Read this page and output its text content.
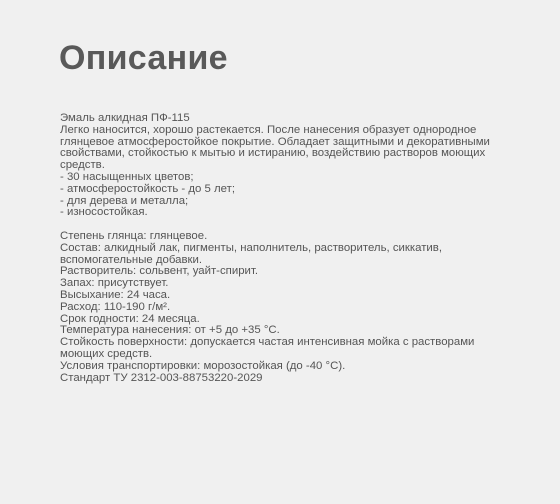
Описание
Эмаль алкидная ПФ-115
Легко наносится, хорошо растекается. После нанесения образует однородное
глянцевое атмосферостойкое покрытие. Обладает защитными и декоративными
свойствами, стойкостью к мытью и истиранию, воздействию растворов моющих
средств.
- 30 насыщенных цветов;
- атмосферостойкость - до 5 лет;
- для дерева и металла;
- износостойкая.
Степень глянца: глянцевое.
Состав: алкидный лак, пигменты, наполнитель, растворитель, сиккатив,
вспомогательные добавки.
Растворитель: сольвент, уайт-спирит.
Запах: присутствует.
Высыхание: 24 часа.
Расход: 110-190 г/м².
Срок годности: 24 месяца.
Температура нанесения: от +5 до +35 °С.
Стойкость поверхности: допускается частая интенсивная мойка с растворами
моющих средств.
Условия транспортировки: морозостойкая (до -40 °С).
Стандарт ТУ 2312-003-88753220-2029
